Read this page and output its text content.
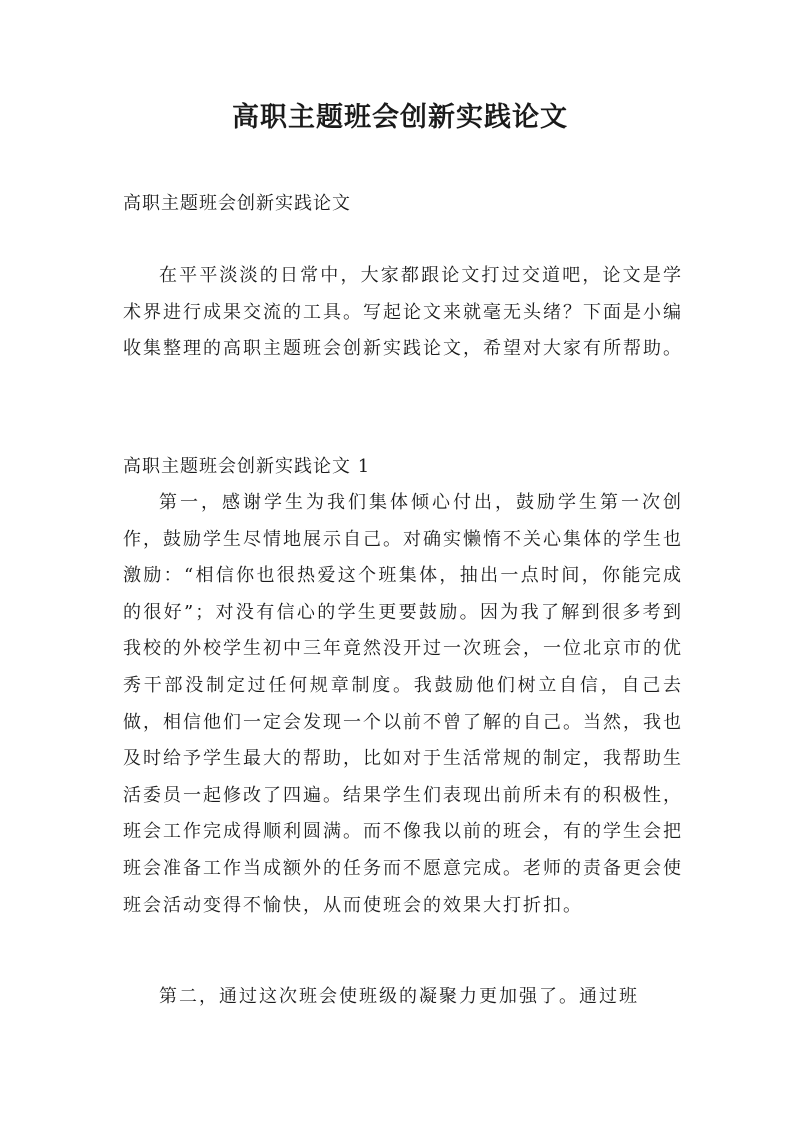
高职主题班会创新实践论文

高职主题班会创新实践论文

在平平淡淡的日常中，大家都跟论文打过交道吧，论文是学术界进行成果交流的工具。写起论文来就毫无头绪？下面是小编收集整理的高职主题班会创新实践论文，希望对大家有所帮助。

高职主题班会创新实践论文 1

第一，感谢学生为我们集体倾心付出，鼓励学生第一次创作，鼓励学生尽情地展示自己。对确实懒惰不关心集体的学生也激励：“相信你也很热爱这个班集体，抽出一点时间，你能完成的很好”；对没有信心的学生更要鼓励。因为我了解到很多考到我校的外校学生初中三年竟然没开过一次班会，一位北京市的优秀干部没制定过任何规章制度。我鼓励他们树立自信，自己去做，相信他们一定会发现一个以前不曾了解的自己。当然，我也及时给予学生最大的帮助，比如对于生活常规的制定，我帮助生活委员一起修改了四遍。结果学生们表现出前所未有的积极性，班会工作完成得顺利圆满。而不像我以前的班会，有的学生会把班会准备工作当成额外的任务而不愿意完成。老师的责备更会使班会活动变得不愉快，从而使班会的效果大打折扣。

第二，通过这次班会使班级的凝聚力更加强了。通过班
